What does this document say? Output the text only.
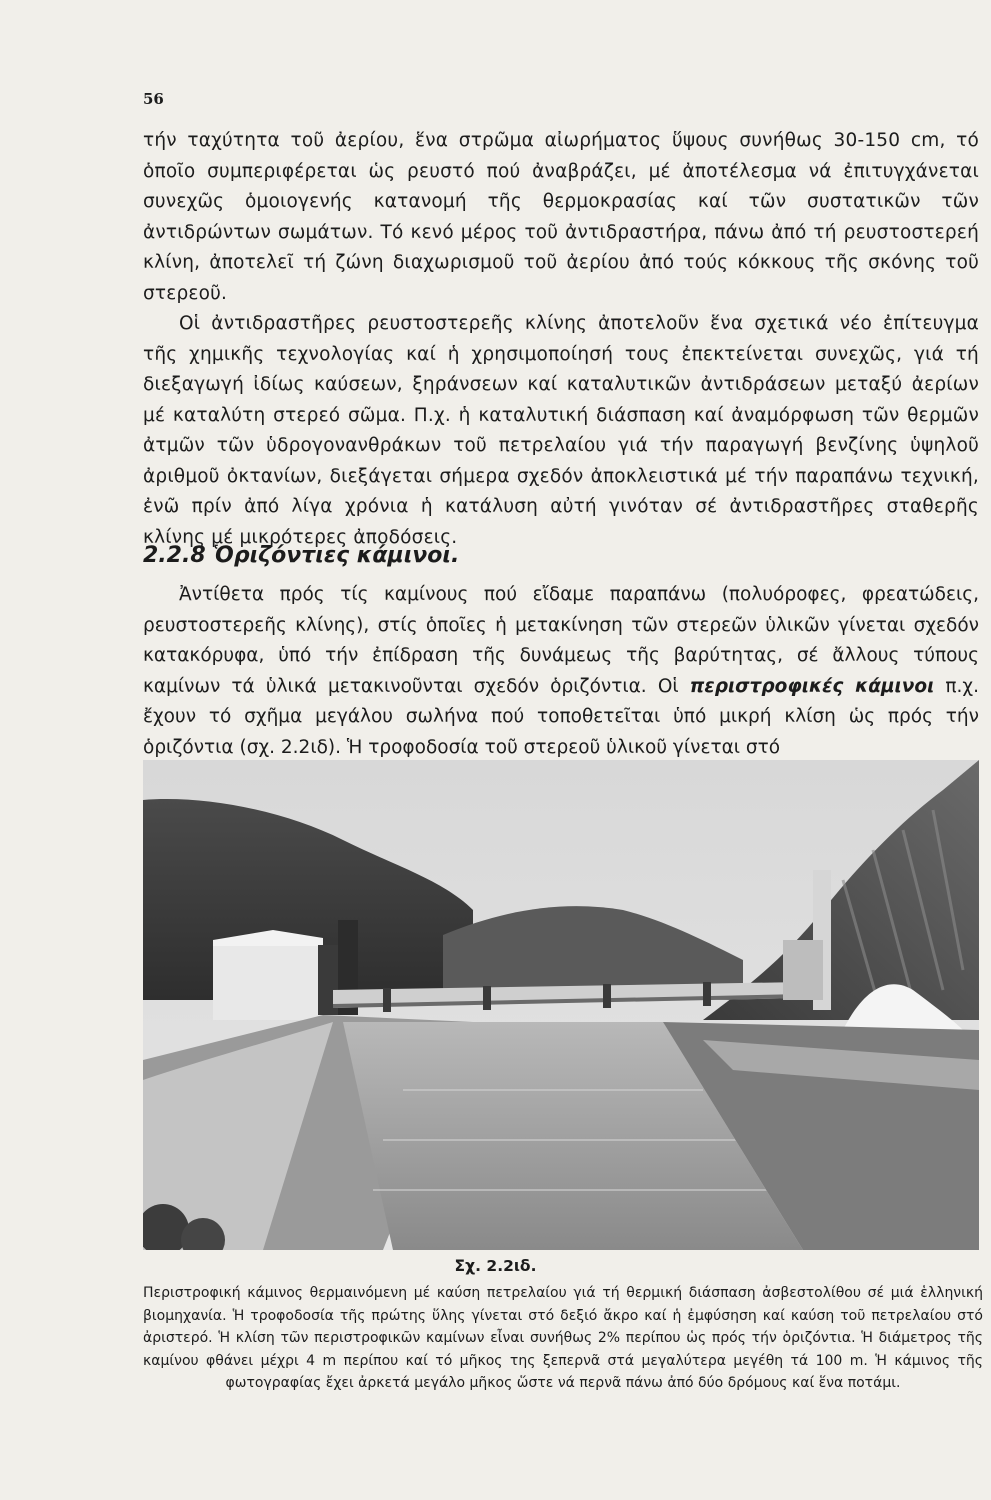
56

τήν ταχύτητα τοῦ ἀερίου, ἕνα στρῶμα αἰωρήματος ὕψους συνήθως 30-150 cm, τό ὁποῖο συμπεριφέρεται ὡς ρευστό πού ἀναβράζει, μέ ἀποτέλεσμα νά ἐπιτυγχάνεται συνεχῶς ὁμοιογενής κατανομή τῆς θερμοκρασίας καί τῶν συστατικῶν τῶν ἀντιδρώντων σωμάτων. Τό κενό μέρος τοῦ ἀντιδραστήρα, πάνω ἀπό τή ρευστοστερεή κλίνη, ἀποτελεῖ τή ζώνη διαχωρισμοῦ τοῦ ἀερίου ἀπό τούς κόκκους τῆς σκόνης τοῦ στερεοῦ.

Οἱ ἀντιδραστῆρες ρευστοστερεῆς κλίνης ἀποτελοῦν ἕνα σχετικά νέο ἐπίτευγμα τῆς χημικῆς τεχνολογίας καί ἡ χρησιμοποίησή τους ἐπεκτείνεται συνεχῶς, γιά τή διεξαγωγή ἰδίως καύσεων, ξηράνσεων καί καταλυτικῶν ἀντιδράσεων μεταξύ ἀερίων μέ καταλύτη στερεό σῶμα. Π.χ. ἡ καταλυτική διάσπαση καί ἀναμόρφωση τῶν θερμῶν ἀτμῶν τῶν ὑδρογονανθράκων τοῦ πετρελαίου γιά τήν παραγωγή βενζίνης ὑψηλοῦ ἀριθμοῦ ὀκτανίων, διεξάγεται σήμερα σχεδόν ἀποκλειστικά μέ τήν παραπάνω τεχνική, ἐνῶ πρίν ἀπό λίγα χρόνια ἡ κατάλυση αὐτή γινόταν σέ ἀντιδραστῆρες σταθερῆς κλίνης μέ μικρότερες ἀποδόσεις.

2.2.8 Ὁριζόντιες κάμινοι.

Ἀντίθετα πρός τίς καμίνους πού εἴδαμε παραπάνω (πολυόροφες, φρεατώδεις, ρευστοστερεῆς κλίνης), στίς ὁποῖες ἡ μετακίνηση τῶν στερεῶν ὑλικῶν γίνεται σχεδόν κατακόρυφα, ὑπό τήν ἐπίδραση τῆς δυνάμεως τῆς βαρύτητας, σέ ἄλλους τύπους καμίνων τά ὑλικά μετακινοῦνται σχεδόν ὁριζόντια. Οἱ περιστροφικές κάμινοι π.χ. ἔχουν τό σχῆμα μεγάλου σωλήνα πού τοποθετεῖται ὑπό μικρή κλίση ὡς πρός τήν ὁριζόντια (σχ. 2.2ιδ). Ἡ τροφοδοσία τοῦ στερεοῦ ὑλικοῦ γίνεται στό

Σχ. 2.2ιδ.
Περιστροφική κάμινος θερμαινόμενη μέ καύση πετρελαίου γιά τή θερμική διάσπαση ἀσβεστολίθου σέ μιά ἑλληνική βιομηχανία. Ἡ τροφοδοσία τῆς πρώτης ὕλης γίνεται στό δεξιό ἄκρο καί ἡ ἐμφύσηση καί καύση τοῦ πετρελαίου στό ἀριστερό. Ἡ κλίση τῶν περιστροφικῶν καμίνων εἶναι συνήθως 2% περίπου ὡς πρός τήν ὁριζόντια. Ἡ διάμετρος τῆς καμίνου φθάνει μέχρι 4 m περίπου καί τό μῆκος της ξεπερνᾶ στά μεγαλύτερα μεγέθη τά 100 m. Ἡ κάμινος τῆς φωτογραφίας ἔχει ἀρκετά μεγάλο μῆκος ὥστε νά περνᾶ πάνω ἀπό δύο δρόμους καί ἕνα ποτάμι.
